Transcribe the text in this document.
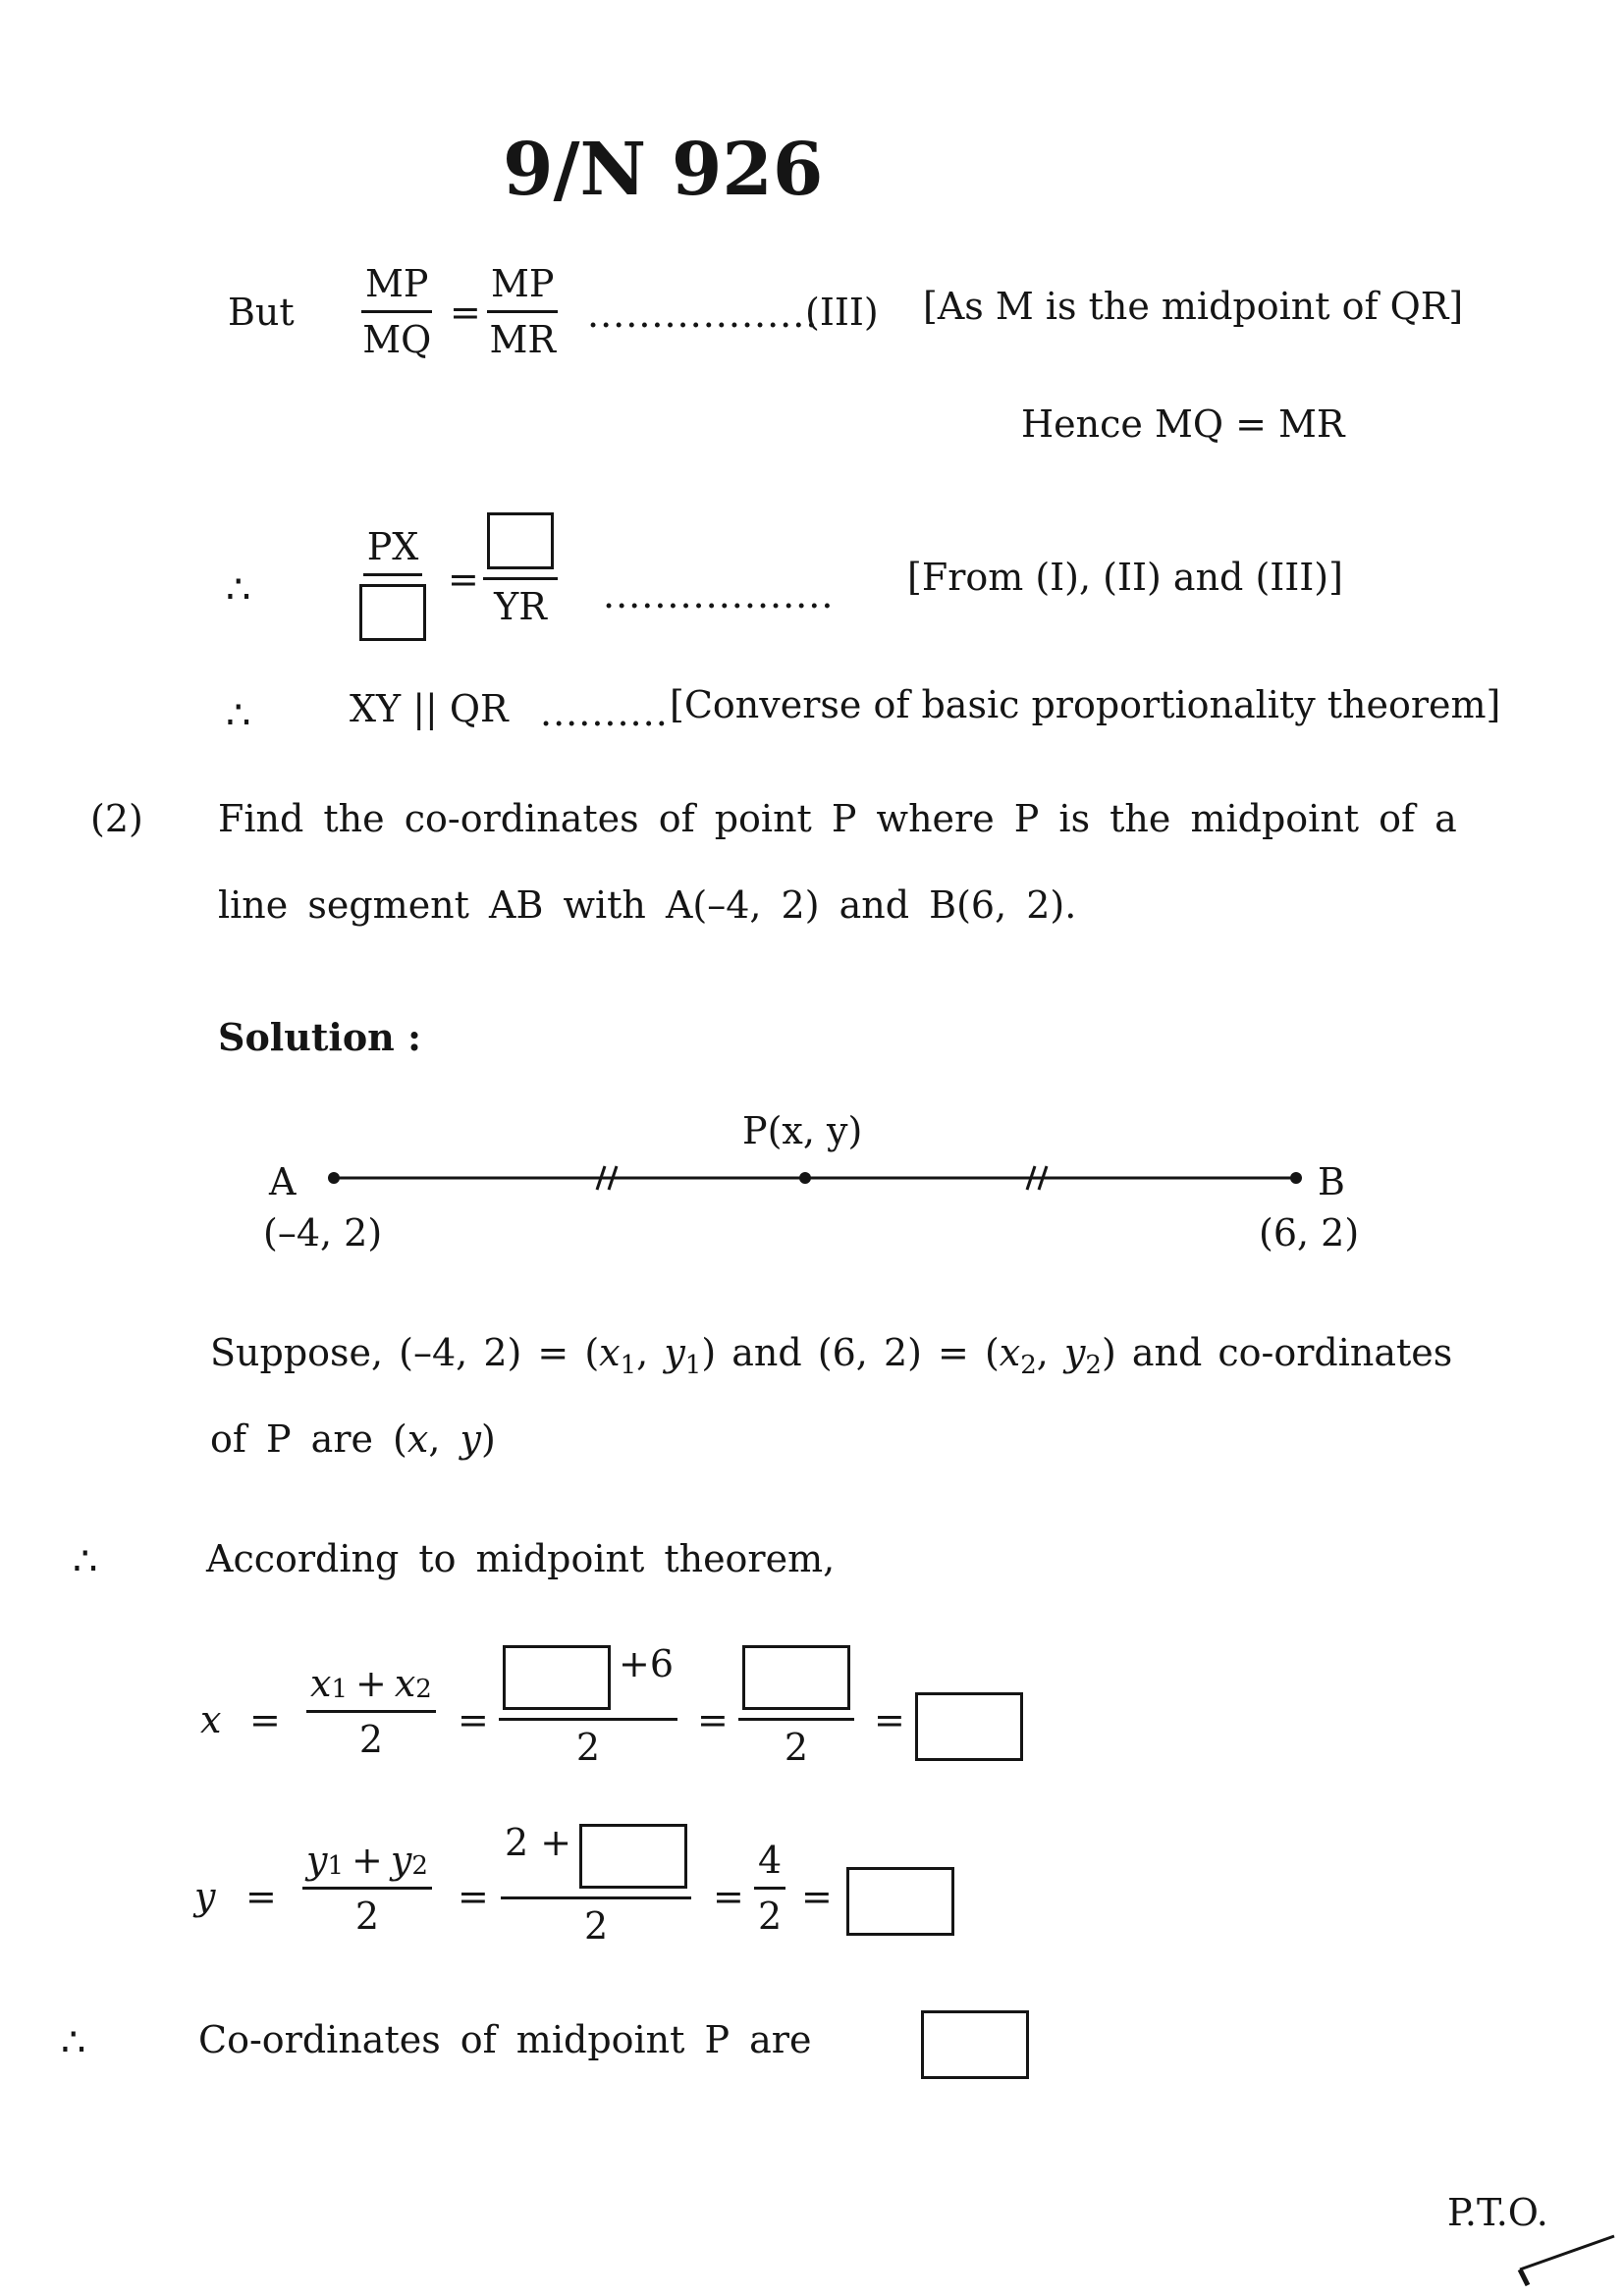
9/N 926
But $\frac{MP}{MQ} = \frac{MP}{MR}$ ..................
(III) [As M is the midpoint of QR]
Hence MQ = MR
∴
PX
=
YR .................. [From (I), (II) and (III)]
∴	XY || QR .......... [Converse of basic proportionality theorem]
(2) Find the co-ordinates of point P where P is the midpoint of a
line segment AB with A(–4, 2) and B(6, 2).
Solution :
A
(–4, 2)
P(x, y)
B
(6, 2)
Suppose, (–4, $2) = (x_1$, $y_1$) and (6, $2) = (x_2$, $y_2$) and co-ordinates
of P are (x, y)
∴	According to midpoint theorem,
$x = \frac{x 1 + x 2}{2} = \frac{+6}{2}$ =
2
=
$y = \frac{y 1 + y 2}{2} = \frac{2 +}{2} = \frac{4}{2}$ =
∴	Co-ordinates of midpoint P are
P.T.O.
